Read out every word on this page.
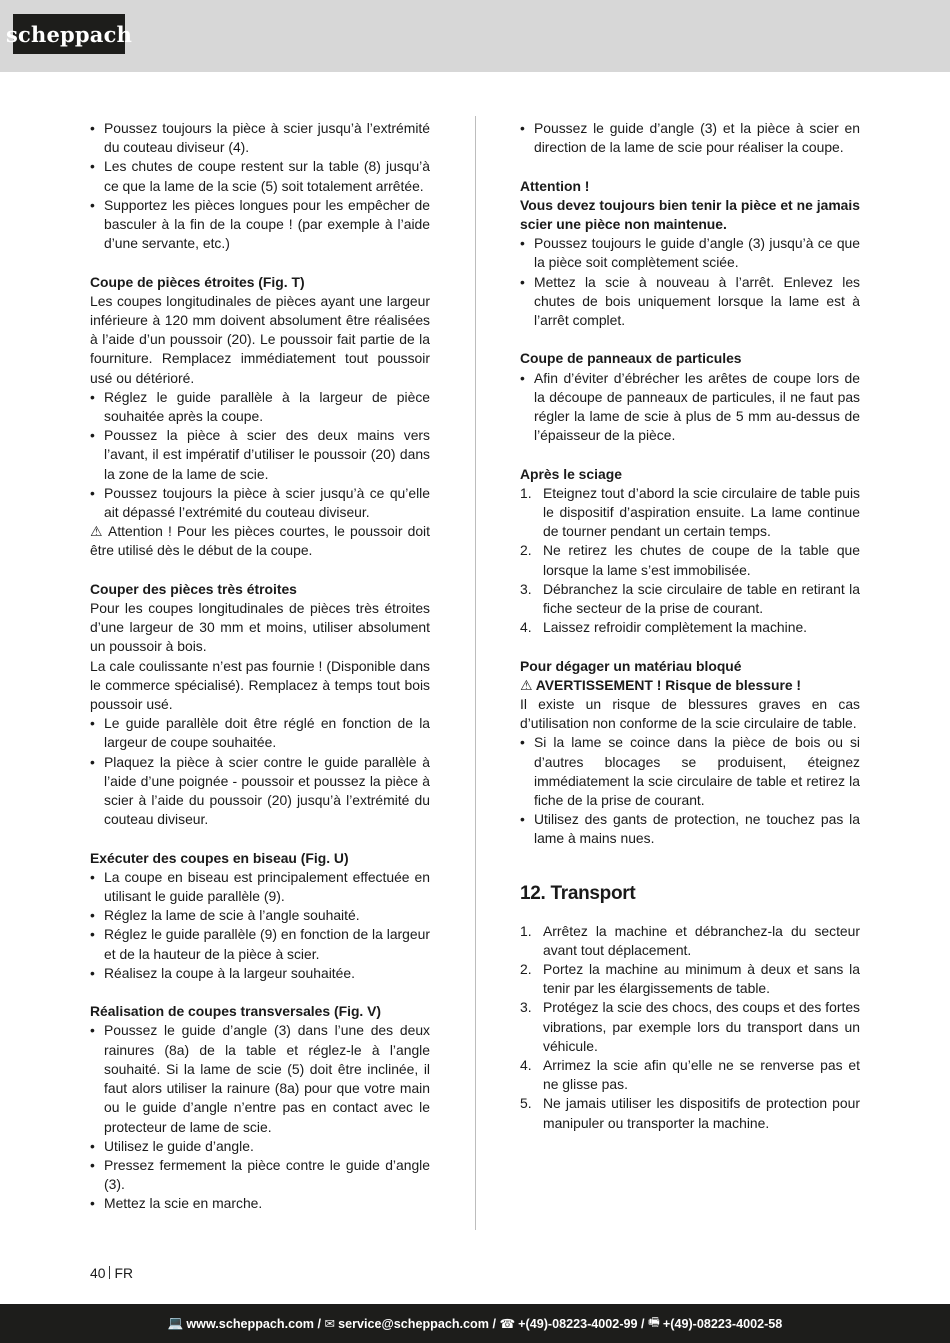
scheppach
• Poussez toujours la pièce à scier jusqu’à l’extrémité du couteau diviseur (4).
• Les chutes de coupe restent sur la table (8) jusqu’à ce que la lame de la scie (5) soit totalement arrêtée.
• Supportez les pièces longues pour les empêcher de basculer à la fin de la coupe ! (par exemple à l’aide d’une servante, etc.)

Coupe de pièces étroites (Fig. T)

Les coupes longitudinales de pièces ayant une largeur inférieure à 120 mm doivent absolument être réalisées à l’aide d’un poussoir (20). Le poussoir fait partie de la fourniture. Remplacez immédiatement tout poussoir usé ou détérioré.

• Réglez le guide parallèle à la largeur de pièce souhaitée après la coupe.
• Poussez la pièce à scier des deux mains vers l’avant, il est impératif d’utiliser le poussoir (20) dans la zone de la lame de scie.
• Poussez toujours la pièce à scier jusqu’à ce qu’elle ait dépassé l’extrémité du couteau diviseur.

⚠ Attention ! Pour les pièces courtes, le poussoir doit être utilisé dès le début de la coupe.

Couper des pièces très étroites

Pour les coupes longitudinales de pièces très étroites d’une largeur de 30 mm et moins, utiliser absolument un poussoir à bois.

La cale coulissante n’est pas fournie ! (Disponible dans le commerce spécialisé). Remplacez à temps tout bois poussoir usé.

• Le guide parallèle doit être réglé en fonction de la largeur de coupe souhaitée.
• Plaquez la pièce à scier contre le guide parallèle à l’aide d’une poignée - poussoir et poussez la pièce à scier à l’aide du poussoir (20) jusqu’à l’extrémité du couteau diviseur.

Exécuter des coupes en biseau (Fig. U)

• La coupe en biseau est principalement effectuée en utilisant le guide parallèle (9).
• Réglez la lame de scie à l’angle souhaité.
• Réglez le guide parallèle (9) en fonction de la largeur et de la hauteur de la pièce à scier.
• Réalisez la coupe à la largeur souhaitée.

Réalisation de coupes transversales (Fig. V)

• Poussez le guide d’angle (3) dans l’une des deux rainures (8a) de la table et réglez-le à l’angle souhaité. Si la lame de scie (5) doit être inclinée, il faut alors utiliser la rainure (8a) pour que votre main ou le guide d’angle n’entre pas en contact avec le protecteur de lame de scie.
• Utilisez le guide d’angle.
• Pressez fermement la pièce contre le guide d’angle (3).
• Mettez la scie en marche.
• Poussez le guide d’angle (3) et la pièce à scier en direction de la lame de scie pour réaliser la coupe.

Attention !

Vous devez toujours bien tenir la pièce et ne jamais scier une pièce non maintenue.

• Poussez toujours le guide d’angle (3) jusqu’à ce que la pièce soit complètement sciée.
• Mettez la scie à nouveau à l’arrêt. Enlevez les chutes de bois uniquement lorsque la lame est à l’arrêt complet.

Coupe de panneaux de particules

• Afin d’éviter d’ébrécher les arêtes de coupe lors de la découpe de panneaux de particules, il ne faut pas régler la lame de scie à plus de 5 mm au-dessus de l’épaisseur de la pièce.

Après le sciage

1. Eteignez tout d’abord la scie circulaire de table puis le dispositif d’aspiration ensuite. La lame continue de tourner pendant un certain temps.
2. Ne retirez les chutes de coupe de la table que lorsque la lame s’est immobilisée.
3. Débranchez la scie circulaire de table en retirant la fiche secteur de la prise de courant.
4. Laissez refroidir complètement la machine.

Pour dégager un matériau bloqué

⚠ AVERTISSEMENT ! Risque de blessure !

Il existe un risque de blessures graves en cas d’utilisation non conforme de la scie circulaire de table.

• Si la lame se coince dans la pièce de bois ou si d’autres blocages se produisent, éteignez immédiatement la scie circulaire de table et retirez la fiche de la prise de courant.
• Utilisez des gants de protection, ne touchez pas la lame à mains nues.

12. Transport

1. Arrêtez la machine et débranchez-la du secteur avant tout déplacement.
2. Portez la machine au minimum à deux et sans la tenir par les élargissements de table.
3. Protégez la scie des chocs, des coups et des fortes vibrations, par exemple lors du transport dans un véhicule.
4. Arrimez la scie afin qu’elle ne se renverse pas et ne glisse pas.
5. Ne jamais utiliser les dispositifs de protection pour manipuler ou transporter la machine.
40 FR
💻 www.scheppach.com /
✉ service@scheppach.com /
☎ +(49)-08223-4002-99 /
🖷 +(49)-08223-4002-58
